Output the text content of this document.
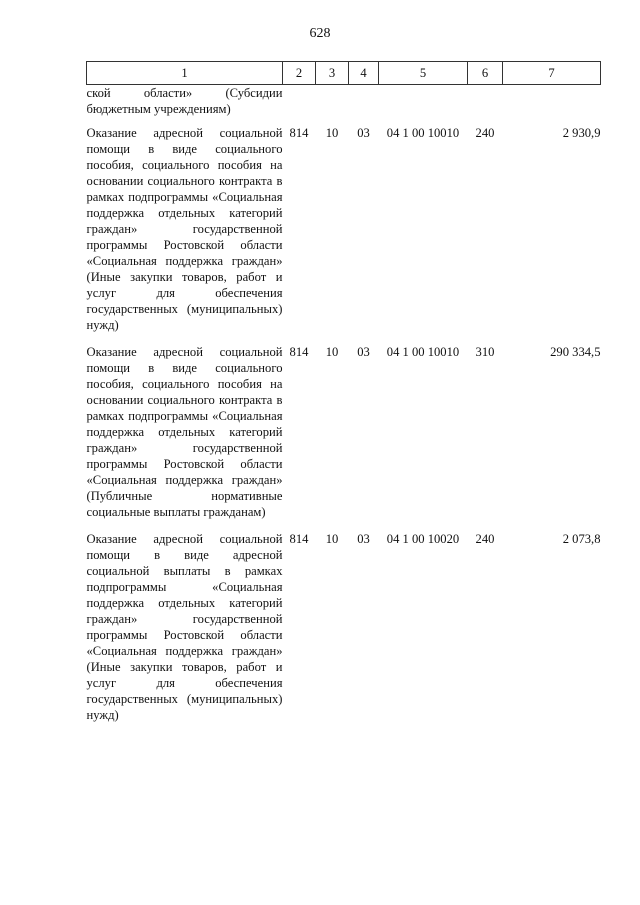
628
1	2	3	4	5	6	7
ской области» (Субсидии бюджетным учреждениям)						
Оказание адресной социальной помощи в виде социального пособия, социального пособия на основании социального контракта в рамках подпрограммы «Социальная поддержка отдельных категорий граждан» государственной программы Ростовской области «Социальная поддержка граждан» (Иные закупки товаров, работ и услуг для обеспечения государственных (муниципальных) нужд)	814	10	03	04 1 00 10010	240	2 930,9
Оказание адресной социальной помощи в виде социального пособия, социального пособия на основании социального контракта в рамках подпрограммы «Социальная поддержка отдельных категорий граждан» государственной программы Ростовской области «Социальная поддержка граждан» (Публичные нормативные социальные выплаты гражданам)	814	10	03	04 1 00 10010	310	290 334,5
Оказание адресной социальной помощи в виде адресной социальной выплаты в рамках подпрограммы «Социальная поддержка отдельных категорий граждан» государственной программы Ростовской области «Социальная поддержка граждан» (Иные закупки товаров, работ и услуг для обеспечения государственных (муниципальных) нужд)	814	10	03	04 1 00 10020	240	2 073,8
